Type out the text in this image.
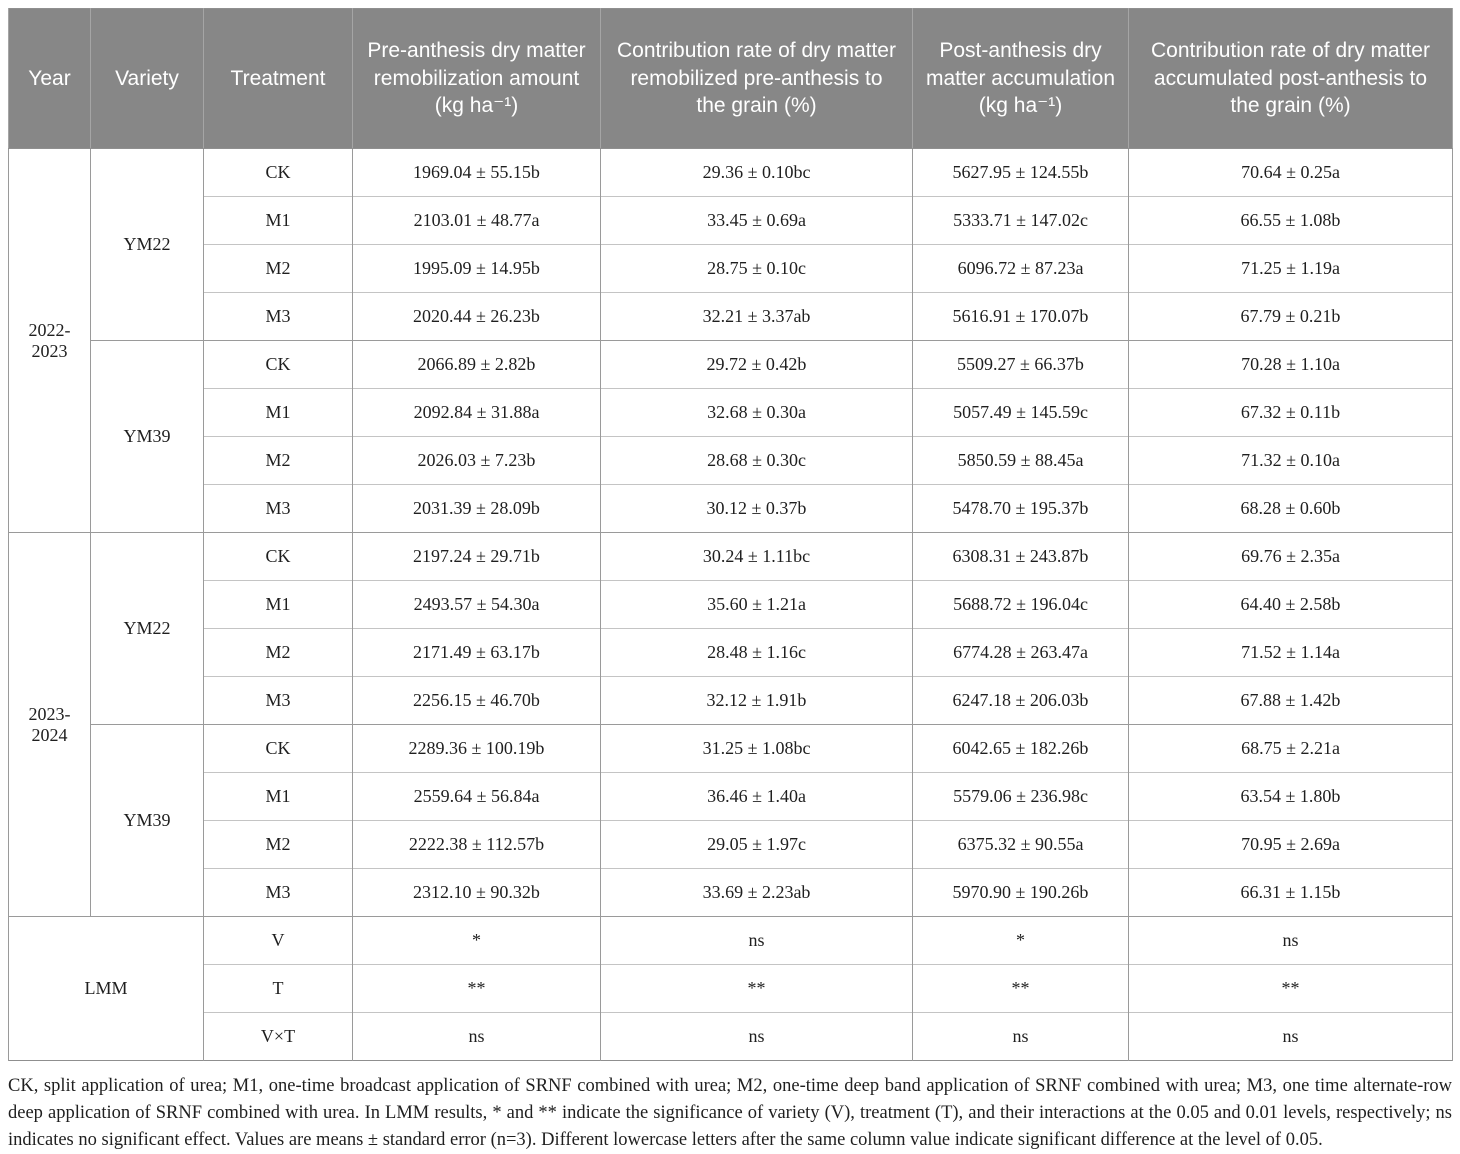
Year	Variety	Treatment	Pre-anthesis dry matter remobilization amount (kg ha⁻¹)	Contribution rate of dry matter remobilized pre-anthesis to the grain (%)	Post-anthesis dry matter accumulation (kg ha⁻¹)	Contribution rate of dry matter accumulated post-anthesis to the grain (%)
2022-2023	YM22	CK	1969.04 ± 55.15b	29.36 ± 0.10bc	5627.95 ± 124.55b	70.64 ± 0.25a
		M1	2103.01 ± 48.77a	33.45 ± 0.69a	5333.71 ± 147.02c	66.55 ± 1.08b
		M2	1995.09 ± 14.95b	28.75 ± 0.10c	6096.72 ± 87.23a	71.25 ± 1.19a
		M3	2020.44 ± 26.23b	32.21 ± 3.37ab	5616.91 ± 170.07b	67.79 ± 0.21b
	YM39	CK	2066.89 ± 2.82b	29.72 ± 0.42b	5509.27 ± 66.37b	70.28 ± 1.10a
		M1	2092.84 ± 31.88a	32.68 ± 0.30a	5057.49 ± 145.59c	67.32 ± 0.11b
		M2	2026.03 ± 7.23b	28.68 ± 0.30c	5850.59 ± 88.45a	71.32 ± 0.10a
		M3	2031.39 ± 28.09b	30.12 ± 0.37b	5478.70 ± 195.37b	68.28 ± 0.60b
2023-2024	YM22	CK	2197.24 ± 29.71b	30.24 ± 1.11bc	6308.31 ± 243.87b	69.76 ± 2.35a
		M1	2493.57 ± 54.30a	35.60 ± 1.21a	5688.72 ± 196.04c	64.40 ± 2.58b
		M2	2171.49 ± 63.17b	28.48 ± 1.16c	6774.28 ± 263.47a	71.52 ± 1.14a
		M3	2256.15 ± 46.70b	32.12 ± 1.91b	6247.18 ± 206.03b	67.88 ± 1.42b
	YM39	CK	2289.36 ± 100.19b	31.25 ± 1.08bc	6042.65 ± 182.26b	68.75 ± 2.21a
		M1	2559.64 ± 56.84a	36.46 ± 1.40a	5579.06 ± 236.98c	63.54 ± 1.80b
		M2	2222.38 ± 112.57b	29.05 ± 1.97c	6375.32 ± 90.55a	70.95 ± 2.69a
		M3	2312.10 ± 90.32b	33.69 ± 2.23ab	5970.90 ± 190.26b	66.31 ± 1.15b
LMM		V	*	ns	*	ns
		T	**	**	**	**
		V×T	ns	ns	ns	ns

CK, split application of urea; M1, one-time broadcast application of SRNF combined with urea; M2, one-time deep band application of SRNF combined with urea; M3, one time alternate-row deep application of SRNF combined with urea. In LMM results, * and ** indicate the significance of variety (V), treatment (T), and their interactions at the 0.05 and 0.01 levels, respectively; ns indicates no significant effect. Values are means ± standard error (n=3). Different lowercase letters after the same column value indicate significant difference at the level of 0.05.
